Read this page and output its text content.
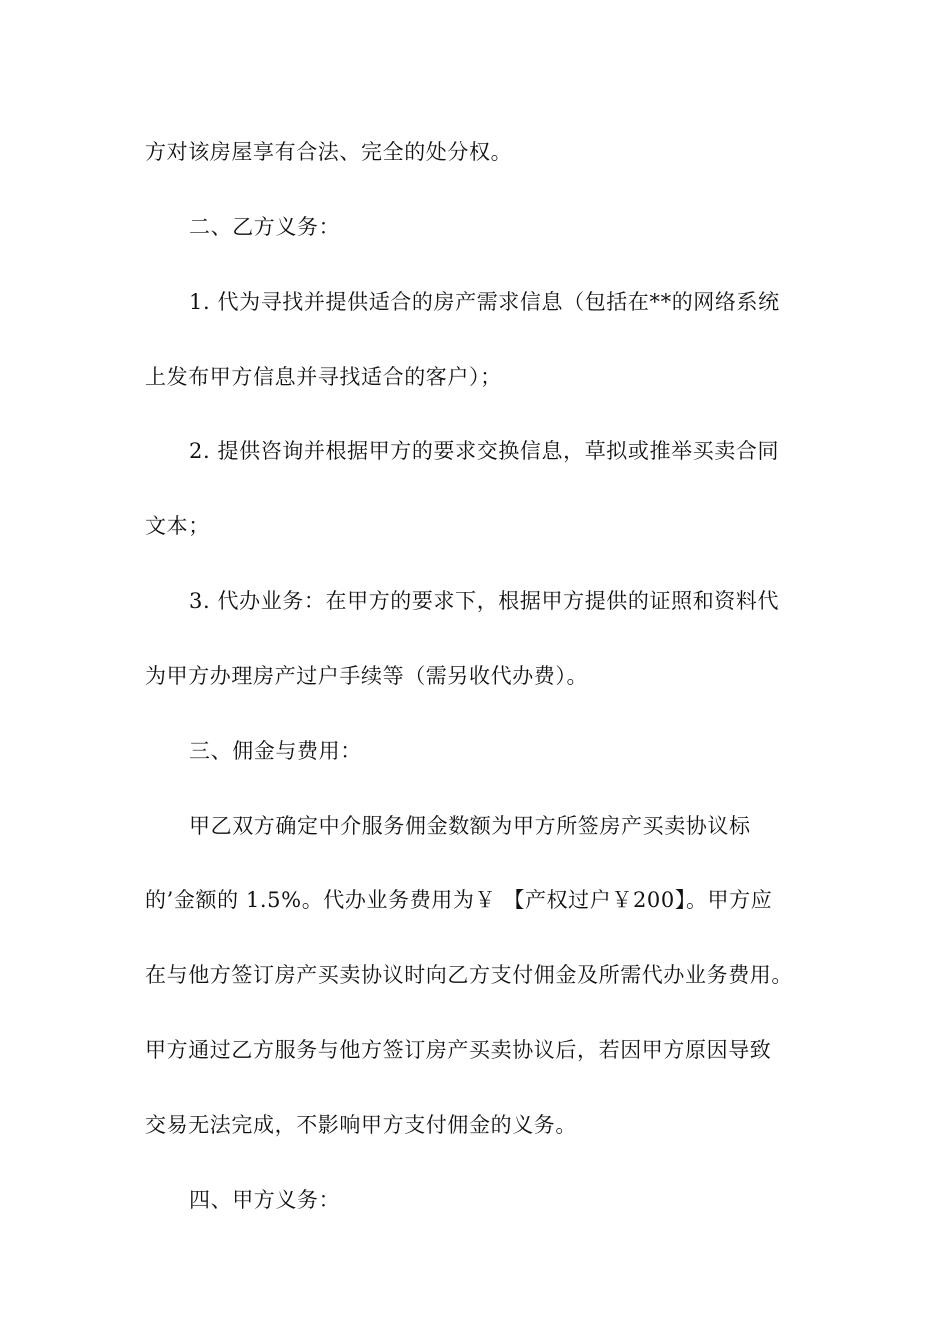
方对该房屋享有合法、完全的处分权。
二、乙方义务：
1. 代为寻找并提供适合的房产需求信息（包括在**的网络系统
上发布甲方信息并寻找适合的客户）；
2. 提供咨询并根据甲方的要求交换信息，草拟或推举买卖合同
文本；
3. 代办业务：在甲方的要求下，根据甲方提供的证照和资料代
为甲方办理房产过户手续等（需另收代办费）。
三、佣金与费用：
甲乙双方确定中介服务佣金数额为甲方所签房产买卖协议标
的’金额的 1.5%。代办业务费用为￥ 【产权过户￥200】。甲方应
在与他方签订房产买卖协议时向乙方支付佣金及所需代办业务费用。
甲方通过乙方服务与他方签订房产买卖协议后，若因甲方原因导致
交易无法完成，不影响甲方支付佣金的义务。
四、甲方义务：
